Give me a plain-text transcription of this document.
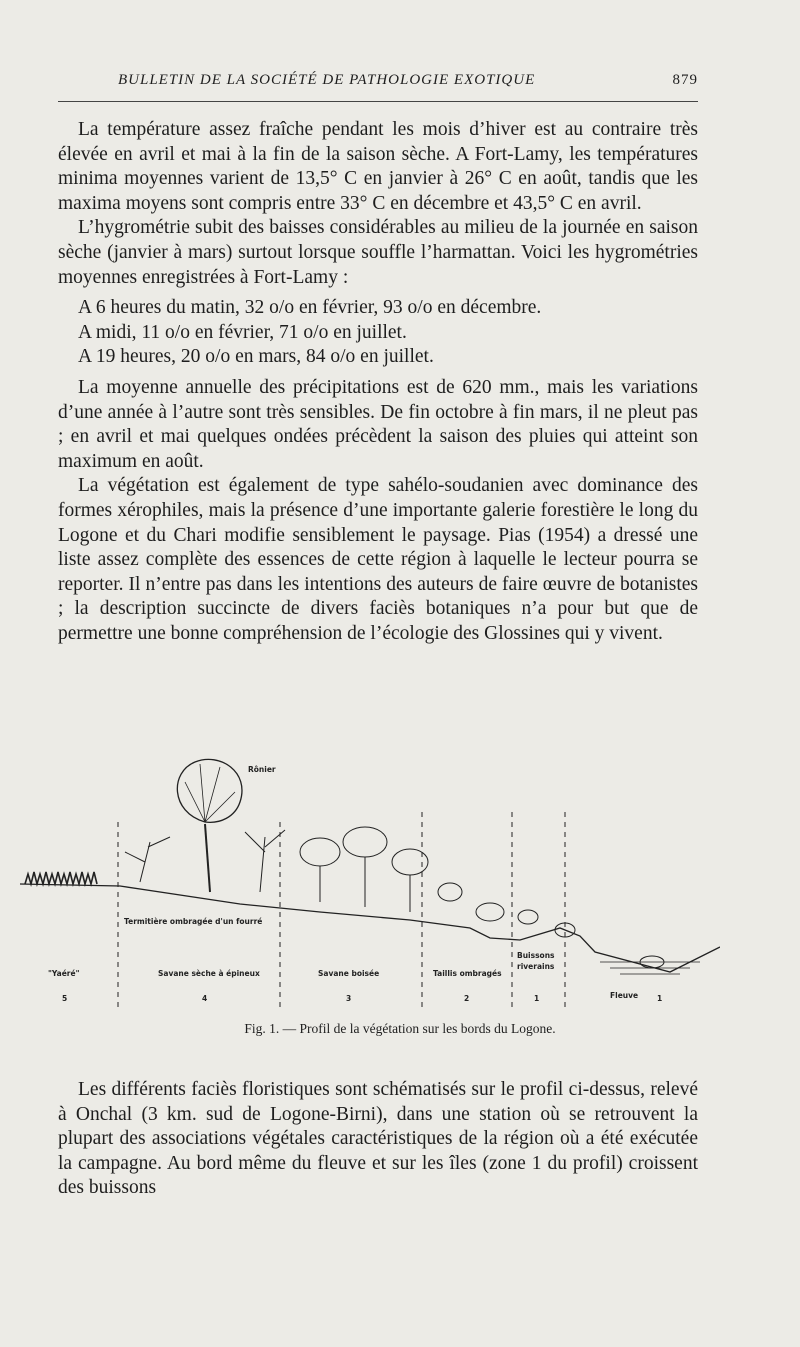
BULLETIN DE LA SOCIÉTÉ DE PATHOLOGIE EXOTIQUE	879

La température assez fraîche pendant les mois d’hiver est au contraire très élevée en avril et mai à la fin de la saison sèche. A Fort-Lamy, les températures minima moyennes varient de 13,5° C en janvier à 26° C en août, tandis que les maxima moyens sont compris entre 33° C en décembre et 43,5° C en avril.

L’hygrométrie subit des baisses considérables au milieu de la journée en saison sèche (janvier à mars) surtout lorsque souffle l’harmattan. Voici les hygrométries moyennes enregistrées à Fort-Lamy :

A 6 heures du matin, 32 o/o en février, 93 o/o en décembre.

A midi, 11 o/o en février, 71 o/o en juillet.

A 19 heures, 20 o/o en mars, 84 o/o en juillet.

La moyenne annuelle des précipitations est de 620 mm., mais les variations d’une année à l’autre sont très sensibles. De fin octobre à fin mars, il ne pleut pas ; en avril et mai quelques ondées précèdent la saison des pluies qui atteint son maximum en août.

La végétation est également de type sahélo-soudanien avec dominance des formes xérophiles, mais la présence d’une importante galerie forestière le long du Logone et du Chari modifie sensiblement le paysage. Pias (1954) a dressé une liste assez complète des essences de cette région à laquelle le lecteur pourra se reporter. Il n’entre pas dans les intentions des auteurs de faire œuvre de botanistes ; la description succincte de divers faciès botaniques n’a pour but que de permettre une bonne compréhension de l’écologie des Glossines qui y vivent.

Rônier
Termitière ombragée d'un fourré
"Yaéré"	Savane sèche à épineux	Savane boisée	Taillis ombragés
Buissons
riverains
Fleuve
5	4	3	2	1	1
Fig. 1. — Profil de la végétation sur les bords du Logone.

Les différents faciès floristiques sont schématisés sur le profil ci-dessus, relevé à Onchal (3 km. sud de Logone-Birni), dans une station où se retrouvent la plupart des associations végétales caractéristiques de la région où a été exécutée la campagne. Au bord même du fleuve et sur les îles (zone 1 du profil) croissent des buissons
